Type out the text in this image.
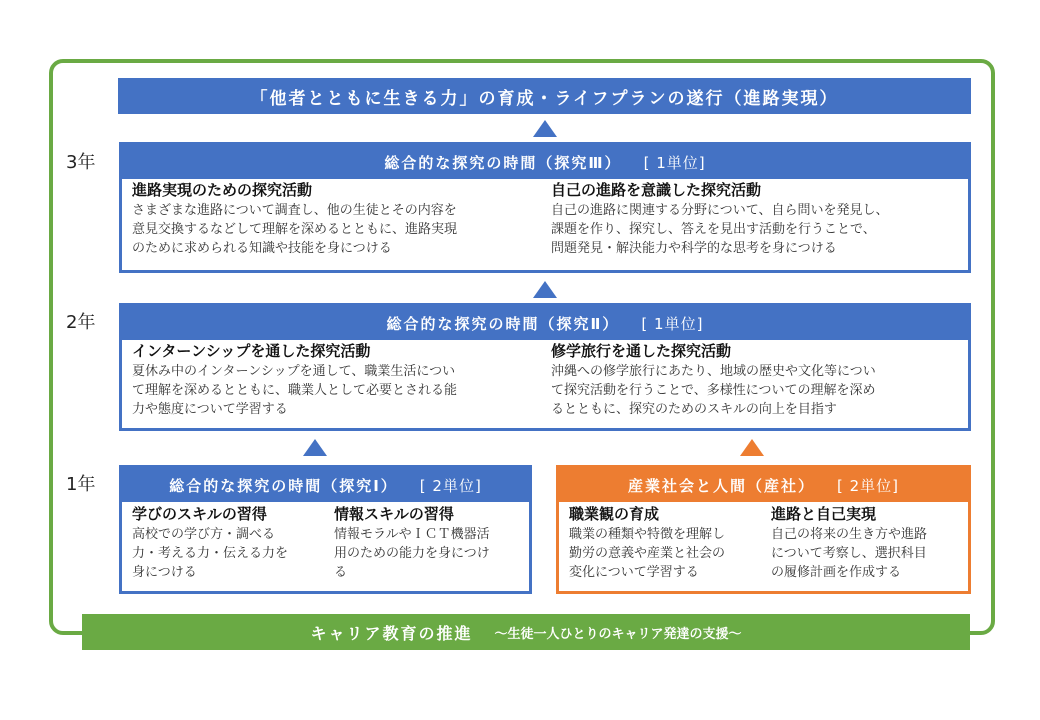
「他者とともに生きる力」の育成・ライフプランの遂行（進路実現）
3年	総合的な探究の時間（探究Ⅲ） [ 1単位]
進路実現のための探究活動
さまざまな進路について調査し、他の生徒とその内容を
意見交換するなどして理解を深めるとともに、進路実現
のために求められる知識や技能を身につける
自己の進路を意識した探究活動
自己の進路に関連する分野について、自ら問いを発見し、
課題を作り、探究し、答えを見出す活動を行うことで、
問題発見・解決能力や科学的な思考を身につける
2年	総合的な探究の時間（探究Ⅱ） [ 1単位]
インターンシップを通した探究活動
夏休み中のインターンシップを通して、職業生活につい
て理解を深めるとともに、職業人として必要とされる能
力や態度について学習する
修学旅行を通した探究活動
沖縄への修学旅行にあたり、地域の歴史や文化等につい
て探究活動を行うことで、多様性についての理解を深め
るとともに、探究のためのスキルの向上を目指す
1年	総合的な探究の時間（探究Ⅰ） [ 2単位]
学びのスキルの習得
高校での学び方・調べる
力・考える力・伝える力を
身につける
情報スキルの習得
情報モラルやＩＣＴ機器活
用のための能力を身につけ
る
産業社会と人間（産社） [ 2単位]
職業観の育成
職業の種類や特徴を理解し
勤労の意義や産業と社会の
変化について学習する
進路と自己実現
自己の将来の生き方や進路
について考察し、選択科目
の履修計画を作成する
キャリア教育の推進 〜生徒一人ひとりのキャリア発達の支援〜
